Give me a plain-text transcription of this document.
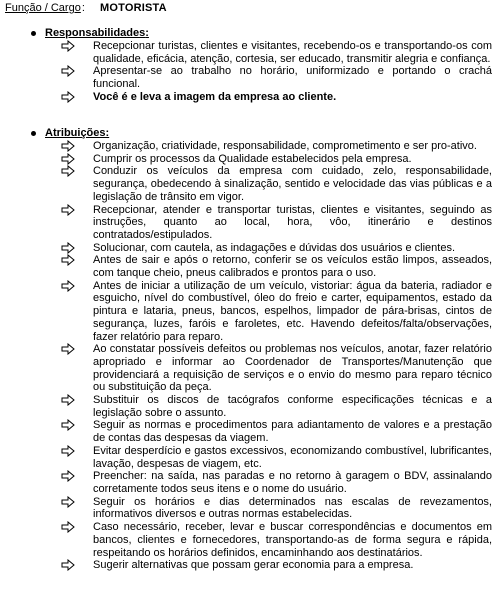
Função / Cargo: MOTORISTA
Responsabilidades:
Recepcionar turistas, clientes e visitantes, recebendo-os e transportando-os com qualidade, eficácia, atenção, cortesia, ser educado, transmitir alegria e confiança.
Apresentar-se ao trabalho no horário, uniformizado e portando o crachá funcional.
Você é e leva a imagem da empresa ao cliente.
Atribuições:
Organização, criatividade, responsabilidade, comprometimento e ser pro-ativo.
Cumprir os processos da Qualidade estabelecidos pela empresa.
Conduzir os veículos da empresa com cuidado, zelo, responsabilidade, segurança, obedecendo à sinalização, sentido e velocidade das vias públicas e a legislação de trânsito em vigor.
Recepcionar, atender e transportar turistas, clientes e visitantes, seguindo as instruções, quanto ao local, hora, vôo, itinerário e destinos contratados/estipulados.
Solucionar, com cautela, as indagações e dúvidas dos usuários e clientes.
Antes de sair e após o retorno, conferir se os veículos estão limpos, asseados, com tanque cheio, pneus calibrados e prontos para o uso.
Antes de iniciar a utilização de um veículo, vistoriar: água da bateria, radiador e esguicho, nível do combustível, óleo do freio e carter, equipamentos, estado da pintura e lataria, pneus, bancos, espelhos, limpador de pára-brisas, cintos de segurança, luzes, faróis e faroletes, etc. Havendo defeitos/falta/observações, fazer relatório para reparo.
Ao constatar possíveis defeitos ou problemas nos veículos, anotar, fazer relatório apropriado e informar ao Coordenador de Transportes/Manutenção que providenciará a requisição de serviços e o envio do mesmo para reparo técnico ou substituição da peça.
Substituir os discos de tacógrafos conforme especificações técnicas e a legislação sobre o assunto.
Seguir as normas e procedimentos para adiantamento de valores e a prestação de contas das despesas da viagem.
Evitar desperdício e gastos excessivos, economizando combustível, lubrificantes, lavação, despesas de viagem, etc.
Preencher: na saída, nas paradas e no retorno à garagem o BDV, assinalando corretamente todos seus itens e o nome do usuário.
Seguir os horários e dias determinados nas escalas de revezamentos, informativos diversos e outras normas estabelecidas.
Caso necessário, receber, levar e buscar correspondências e documentos em bancos, clientes e fornecedores, transportando-as de forma segura e rápida, respeitando os horários definidos, encaminhando aos destinatários.
Sugerir alternativas que possam gerar economia para a empresa.
